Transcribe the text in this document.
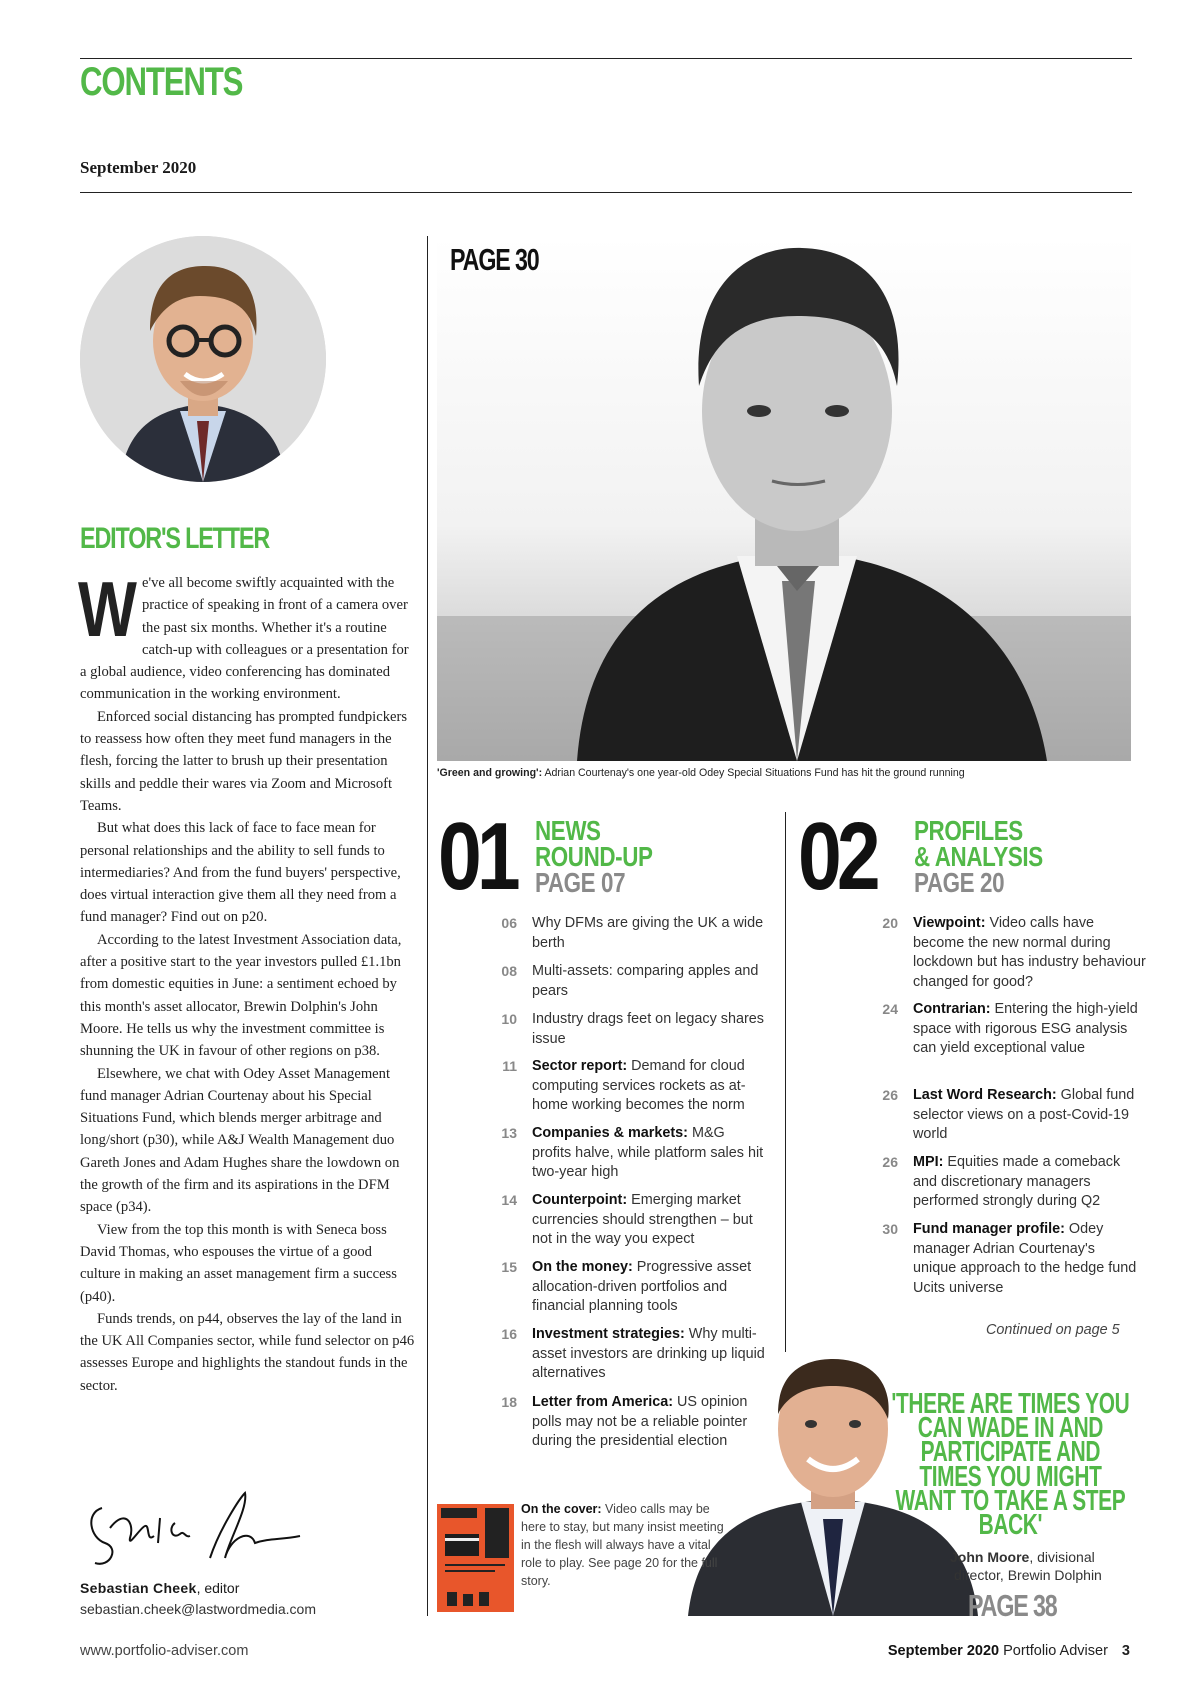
CONTENTS
September 2020
EDITOR'S LETTER

We've all become swiftly acquainted with the practice of speaking in front of a camera over the past six months. Whether it's a routine catch-up with colleagues or a presentation for a global audience, video conferencing has dominated communication in the working environment.

Enforced social distancing has prompted fundpickers to reassess how often they meet fund managers in the flesh, forcing the latter to brush up their presentation skills and peddle their wares via Zoom and Microsoft Teams.

But what does this lack of face to face mean for personal relationships and the ability to sell funds to intermediaries? And from the fund buyers' perspective, does virtual interaction give them all they need from a fund manager? Find out on p20.

According to the latest Investment Association data, after a positive start to the year investors pulled £1.1bn from domestic equities in June: a sentiment echoed by this month's asset allocator, Brewin Dolphin's John Moore. He tells us why the investment committee is shunning the UK in favour of other regions on p38.

Elsewhere, we chat with Odey Asset Management fund manager Adrian Courtenay about his Special Situations Fund, which blends merger arbitrage and long/short (p30), while A&J Wealth Management duo Gareth Jones and Adam Hughes share the lowdown on the growth of the firm and its aspirations in the DFM space (p34).

View from the top this month is with Seneca boss David Thomas, who espouses the virtue of a good culture in making an asset management firm a success (p40).

Funds trends, on p44, observes the lay of the land in the UK All Companies sector, while fund selector on p46 assesses Europe and highlights the standout funds in the sector.

Sebastian Cheek, editor
sebastian.cheek@lastwordmedia.com
PAGE 30
'Green and growing': Adrian Courtenay's one year-old Odey Special Situations Fund has hit the ground running
01 NEWS
ROUND-UP
PAGE 07 02 PROFILES
& ANALYSIS
PAGE 20
06 Why DFMs are giving the UK a wide berth
08 Multi-assets: comparing apples and pears
10 Industry drags feet on legacy shares issue
11 Sector report: Demand for cloud computing services rockets as at-home working becomes the norm
13 Companies & markets: M&G profits halve, while platform sales hit two-year high
14 Counterpoint: Emerging market currencies should strengthen – but not in the way you expect
15 On the money: Progressive asset allocation-driven portfolios and financial planning tools
16 Investment strategies: Why multi-asset investors are drinking up liquid alternatives
18 Letter from America: US opinion polls may not be a reliable pointer during the presidential election
20 Viewpoint: Video calls have become the new normal during lockdown but has industry behaviour changed for good?
24 Contrarian: Entering the high-yield space with rigorous ESG analysis can yield exceptional value
26 Last Word Research: Global fund selector views on a post-Covid-19 world
26 MPI: Equities made a comeback and discretionary managers performed strongly during Q2
30 Fund manager profile: Odey manager Adrian Courtenay's unique approach to the hedge fund Ucits universe
Continued on page 5
'THERE ARE TIMES YOU CAN WADE IN AND PARTICIPATE AND TIMES YOU MIGHT WANT TO TAKE A STEP BACK'
John Moore, divisional
director, Brewin Dolphin
PAGE 38
On the cover: Video calls may be here to stay, but many insist meeting in the flesh will always have a vital role to play. See page 20 for the full story.
www.portfolio-adviser.com	September 2020 Portfolio Adviser 3
